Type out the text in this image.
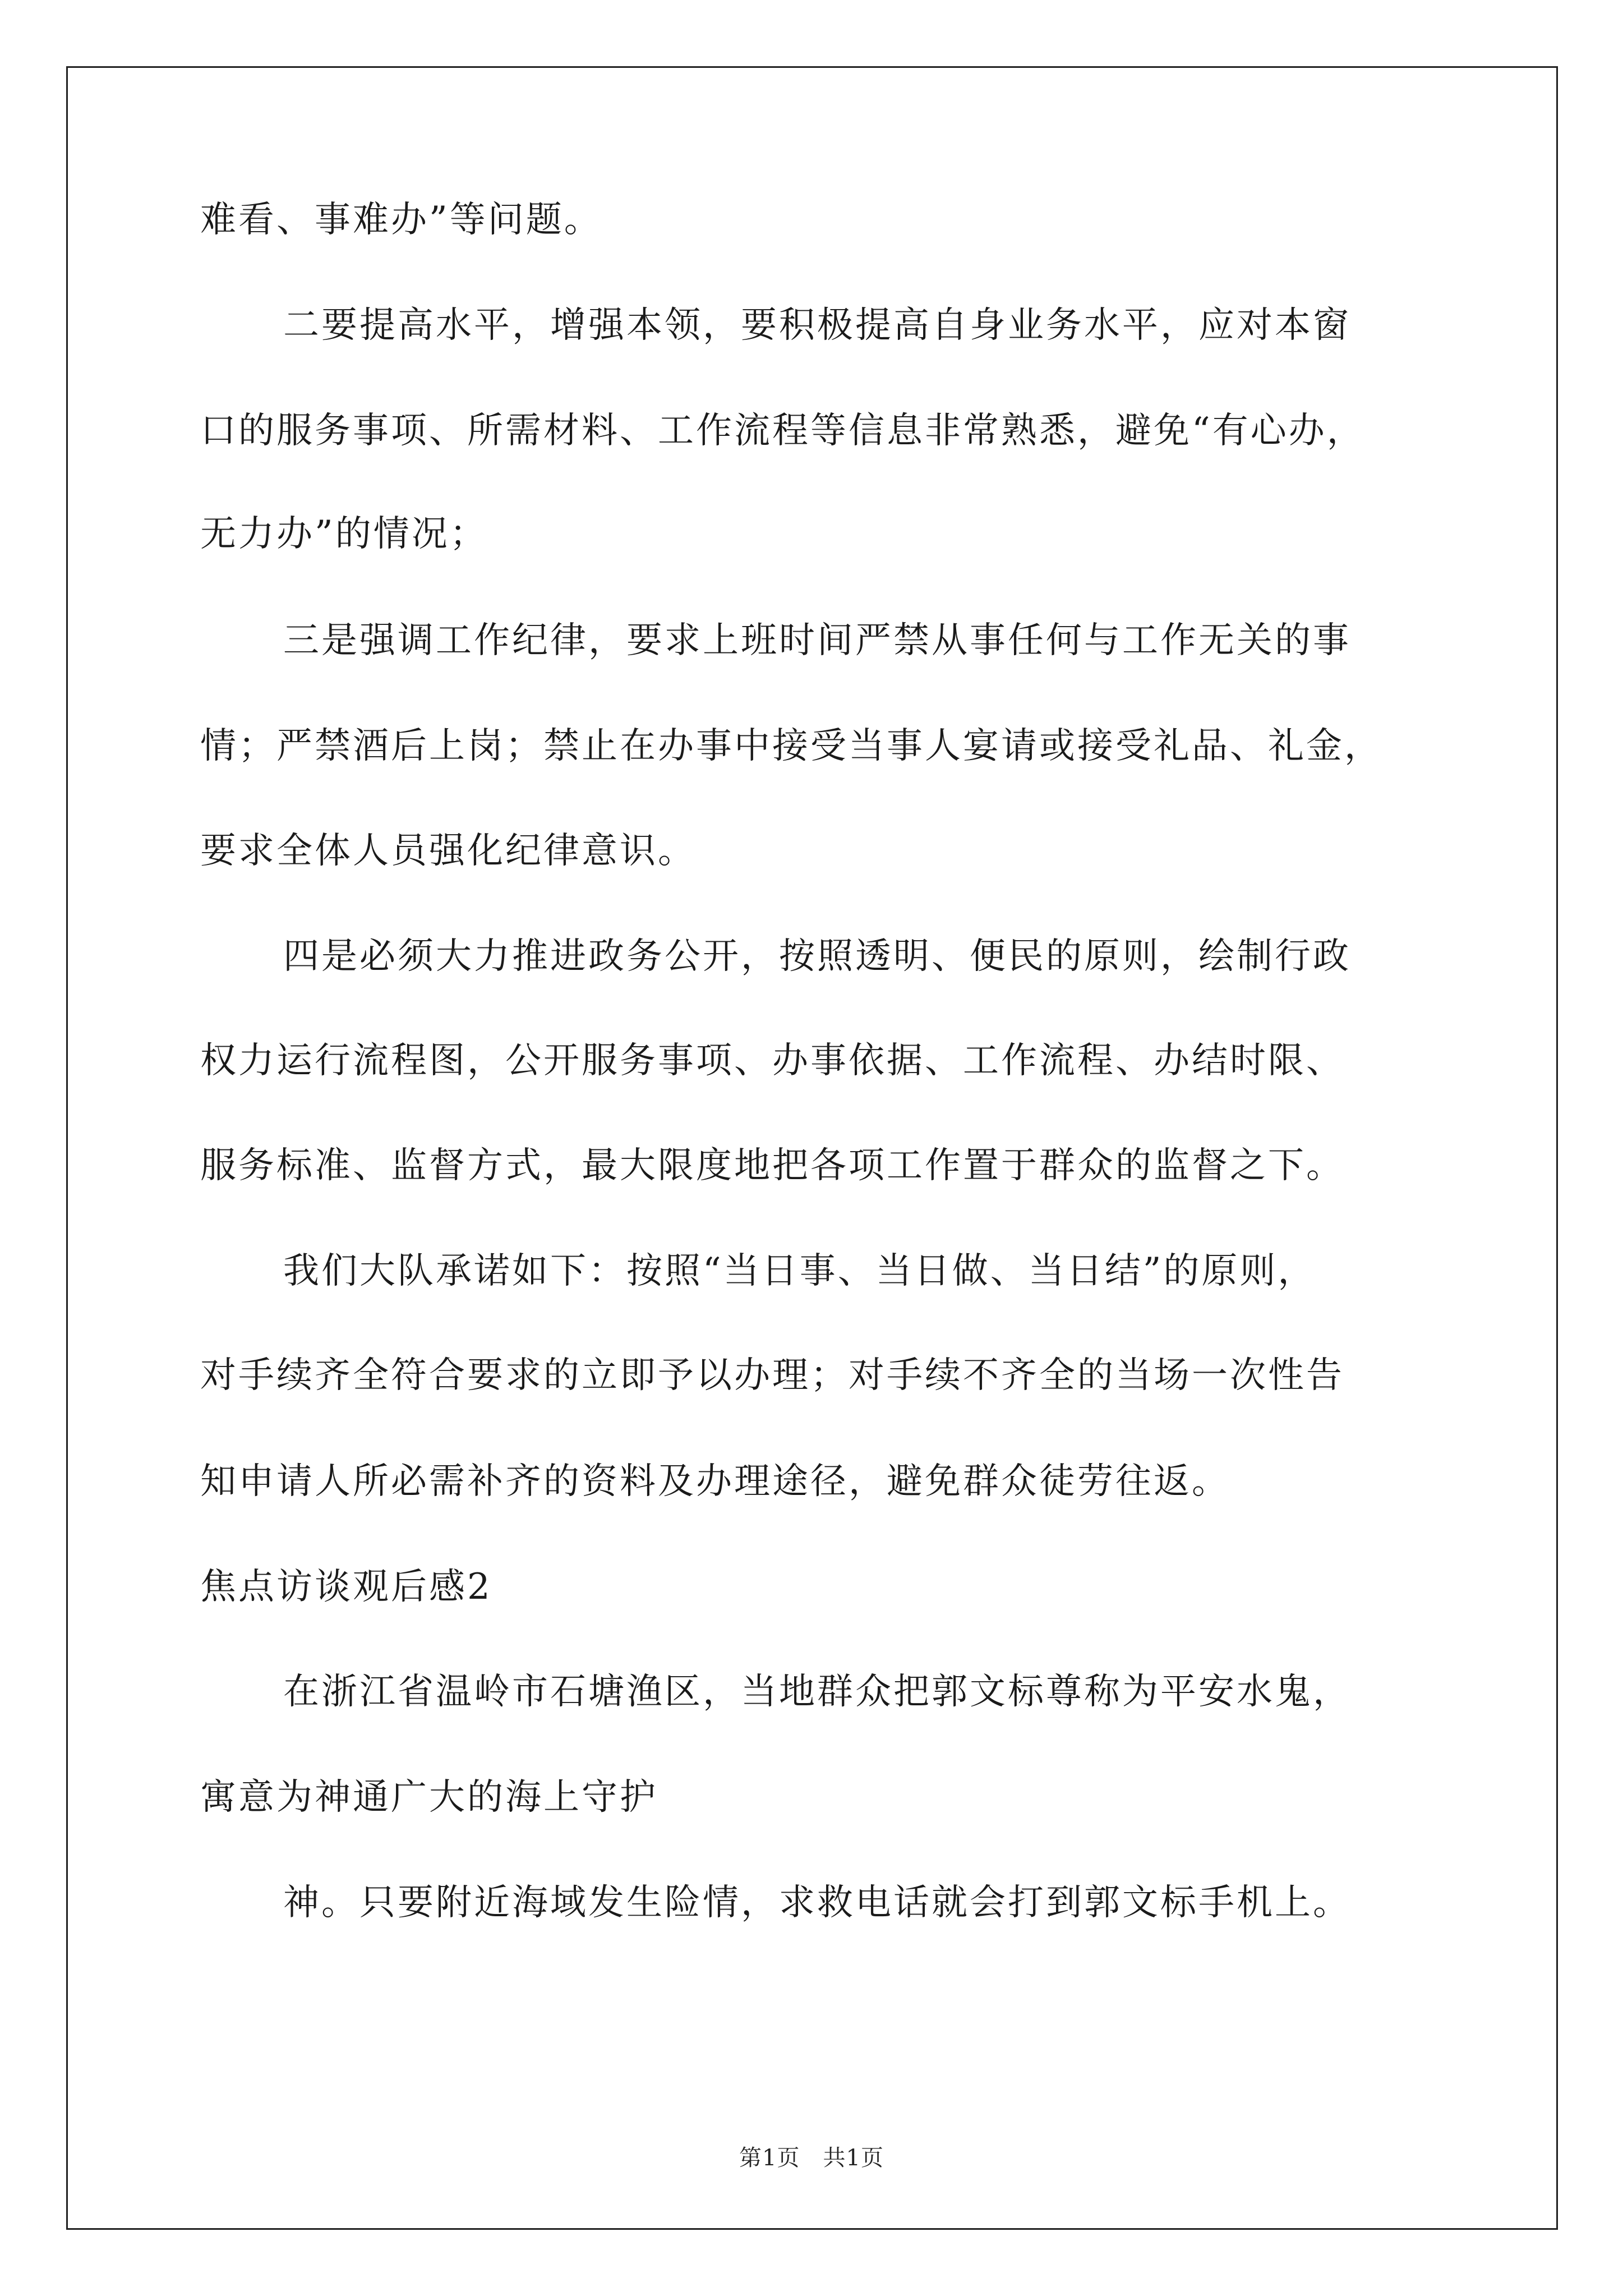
难看、事难办”等问题。
二要提高水平，增强本领，要积极提高自身业务水平，应对本窗
口的服务事项、所需材料、工作流程等信息非常熟悉，避免“有心办，
无力办”的情况；
三是强调工作纪律，要求上班时间严禁从事任何与工作无关的事
情；严禁酒后上岗；禁止在办事中接受当事人宴请或接受礼品、礼金，
要求全体人员强化纪律意识。
四是必须大力推进政务公开，按照透明、便民的原则，绘制行政
权力运行流程图，公开服务事项、办事依据、工作流程、办结时限、
服务标准、监督方式，最大限度地把各项工作置于群众的监督之下。
我们大队承诺如下：按照“当日事、当日做、当日结”的原则，
对手续齐全符合要求的立即予以办理；对手续不齐全的当场一次性告
知申请人所必需补齐的资料及办理途径，避免群众徒劳往返。
焦点访谈观后感2
在浙江省温岭市石塘渔区，当地群众把郭文标尊称为平安水鬼，
寓意为神通广大的海上守护
神。只要附近海域发生险情，求救电话就会打到郭文标手机上。
第1页　共1页
